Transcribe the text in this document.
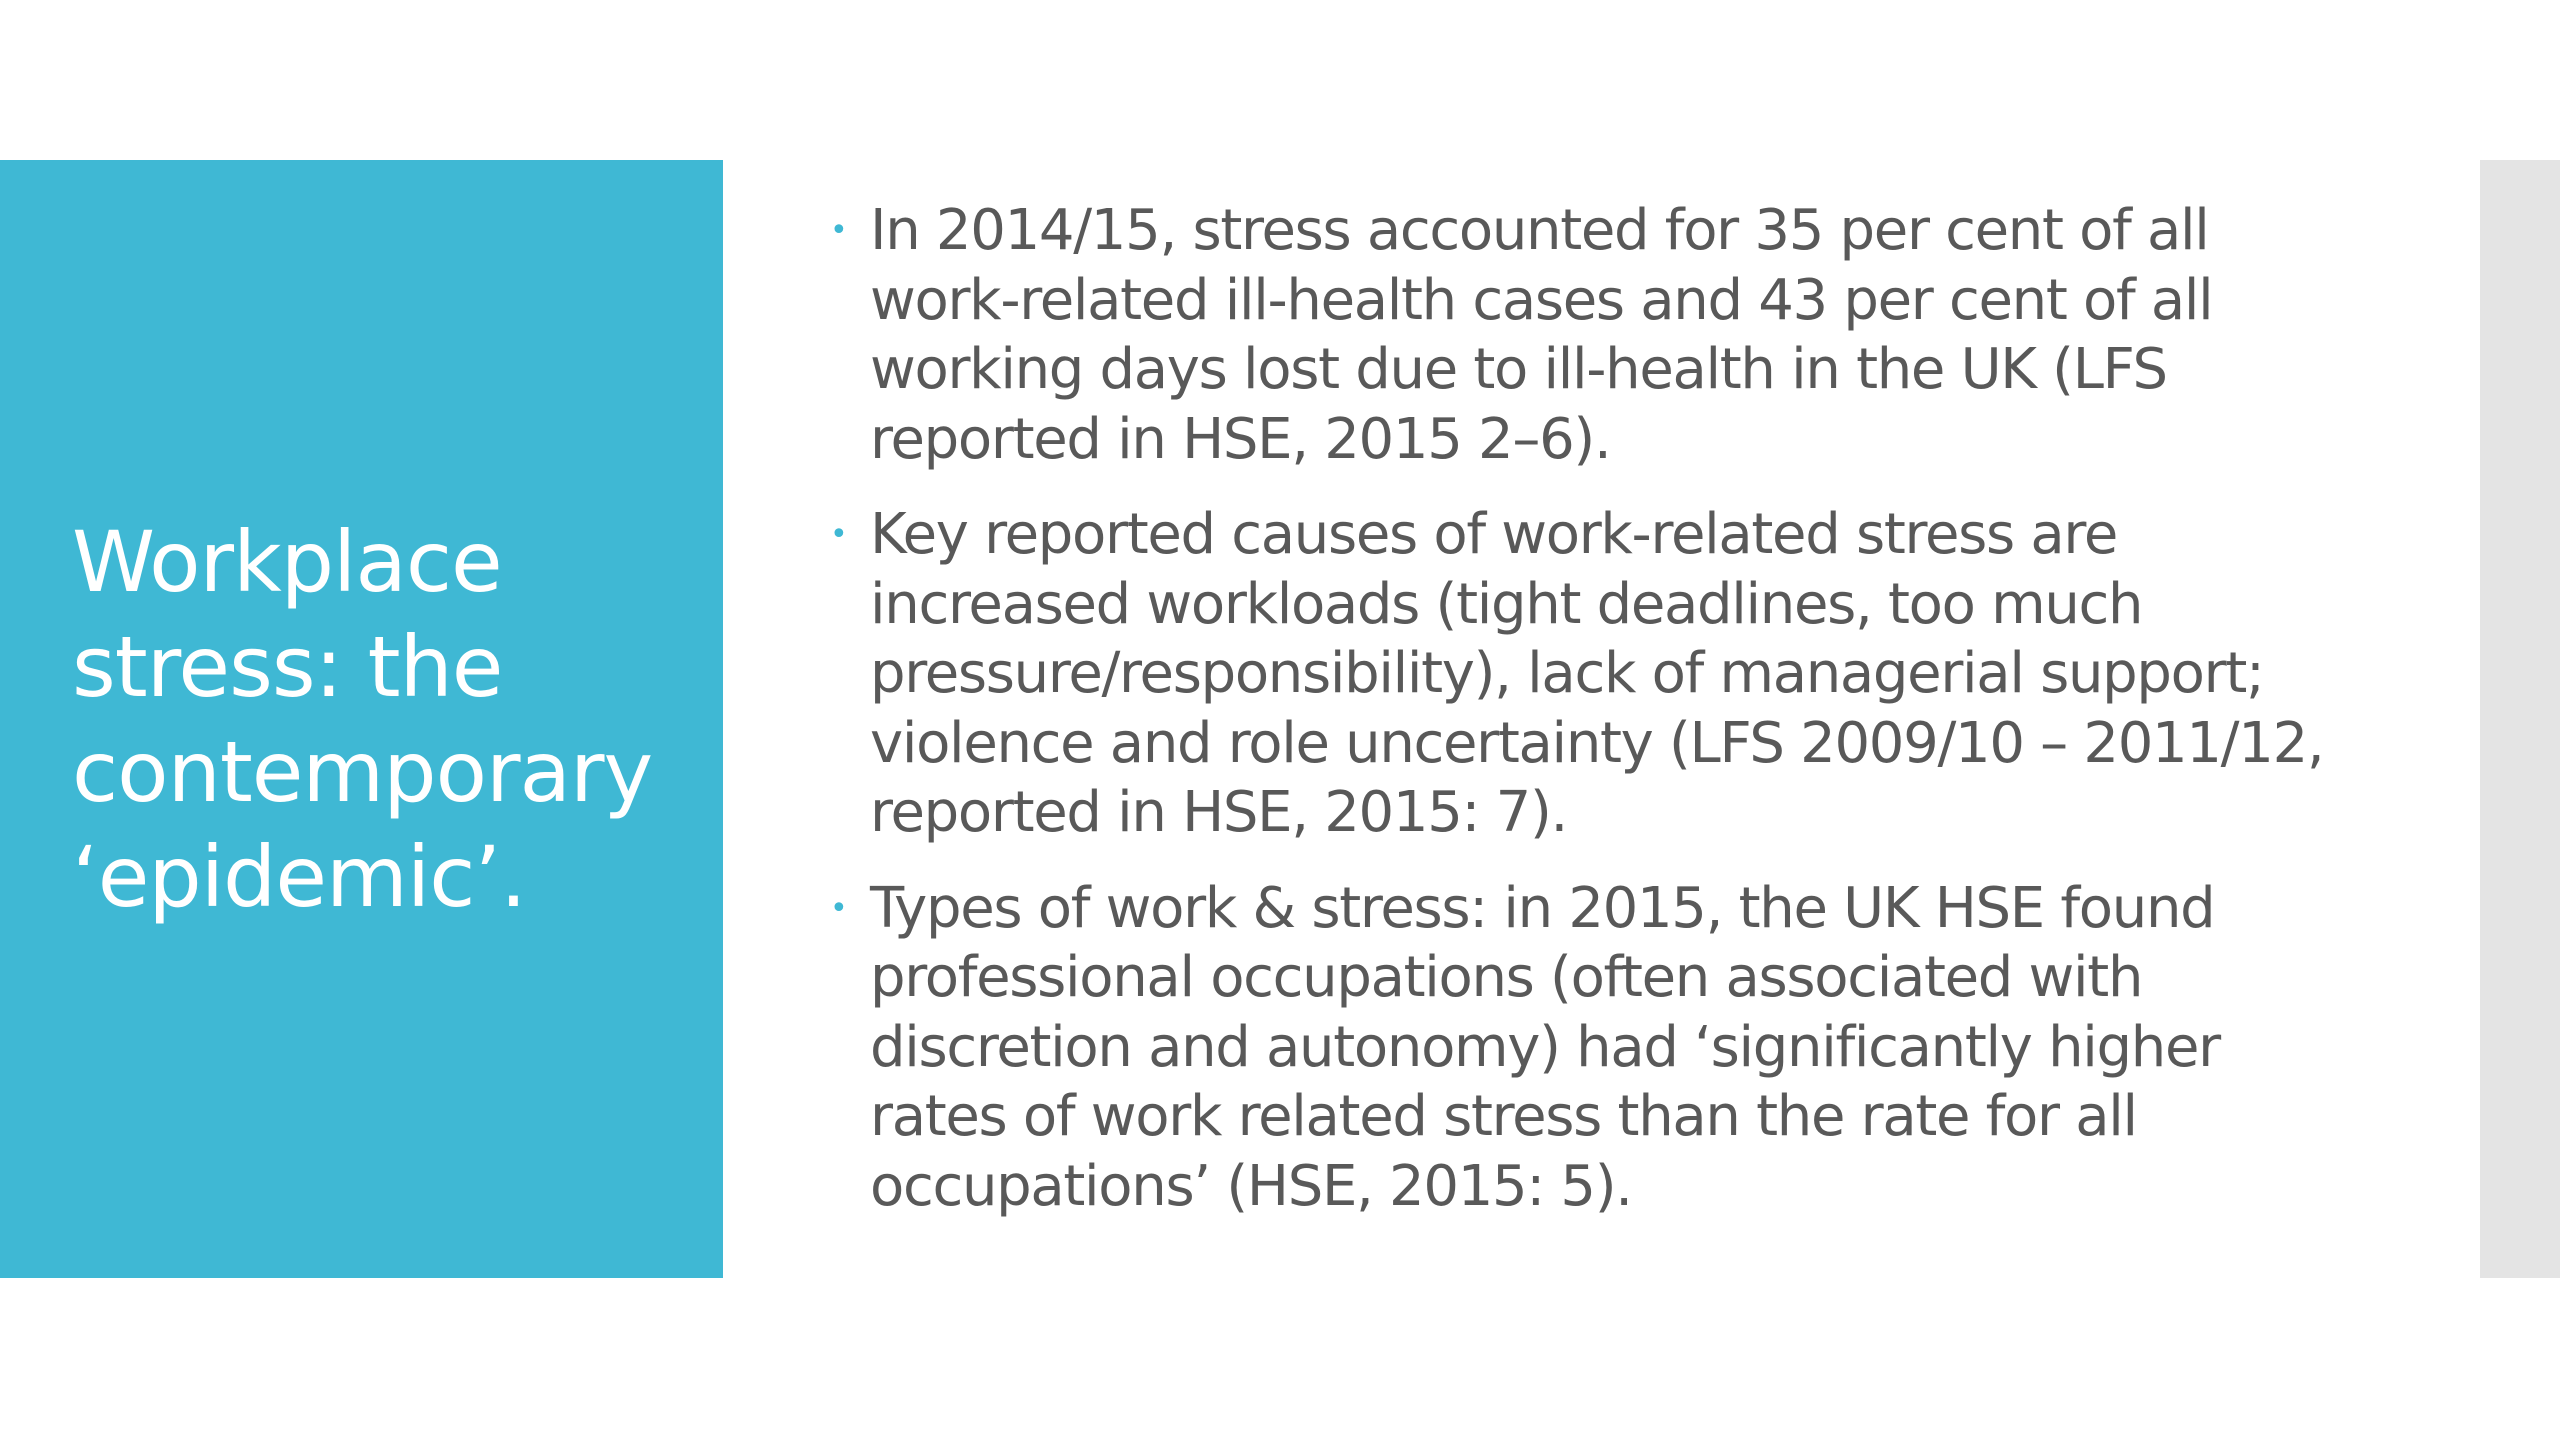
Workplace stress: the contemporary ‘epidemic’.
• In 2014/15, stress accounted for 35 per cent of all work-related ill-health cases and 43 per cent of all working days lost due to ill-health in the UK (LFS reported in HSE, 2015 2–6).
• Key reported causes of work-related stress are increased workloads (tight deadlines, too much pressure/responsibility), lack of managerial support; violence and role uncertainty (LFS 2009/10 – 2011/12, reported in HSE, 2015: 7).
• Types of work & stress: in 2015, the UK HSE found professional occupations (often associated with discretion and autonomy) had ‘significantly higher rates of work related stress than the rate for all occupations’ (HSE, 2015: 5).
